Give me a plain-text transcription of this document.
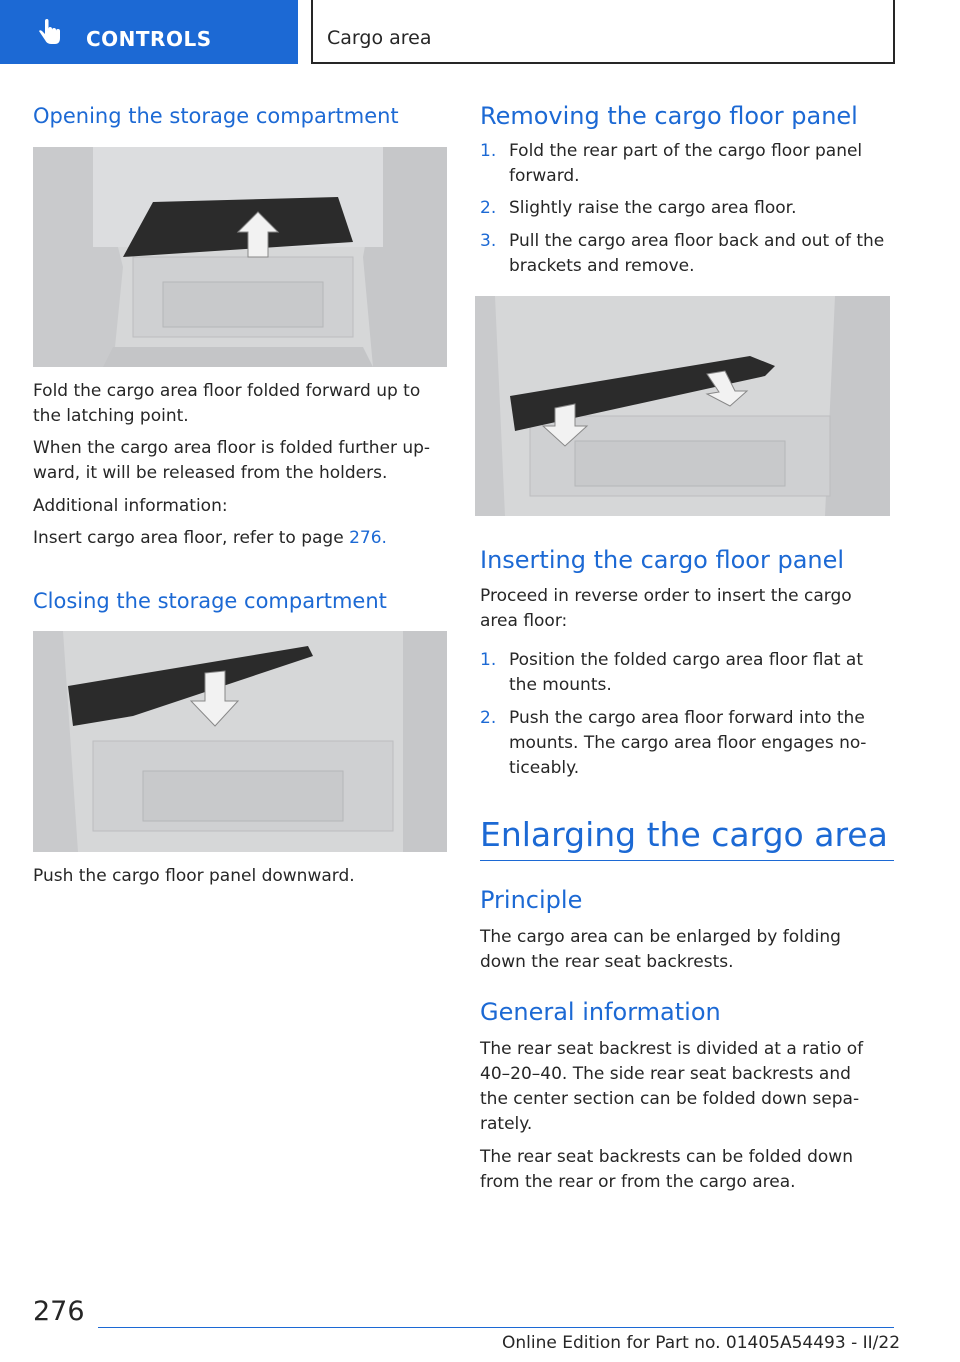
CONTROLS	Cargo area
Opening the storage compartment
Fold the cargo area floor folded forward up to
the latching point.
When the cargo area floor is folded further up‐
ward, it will be released from the holders.
Additional information:
Insert cargo area floor, refer to page 276.
Closing the storage compartment
Push the cargo floor panel downward.
Removing the cargo floor panel
1. Fold the rear part of the cargo floor panel
forward.
2. Slightly raise the cargo area floor.
3. Pull the cargo area floor back and out of the
brackets and remove.
Inserting the cargo floor panel
Proceed in reverse order to insert the cargo
area floor:
1. Position the folded cargo area floor flat at
the mounts.
2. Push the cargo area floor forward into the
mounts. The cargo area floor engages no‐
ticeably.
Enlarging the cargo area
Principle
The cargo area can be enlarged by folding
down the rear seat backrests.
General information
The rear seat backrest is divided at a ratio of
40–20–40. The side rear seat backrests and
the center section can be folded down sepa‐
rately.
The rear seat backrests can be folded down
from the rear or from the cargo area.
276
Online Edition for Part no. 01405A54493 - II/22
